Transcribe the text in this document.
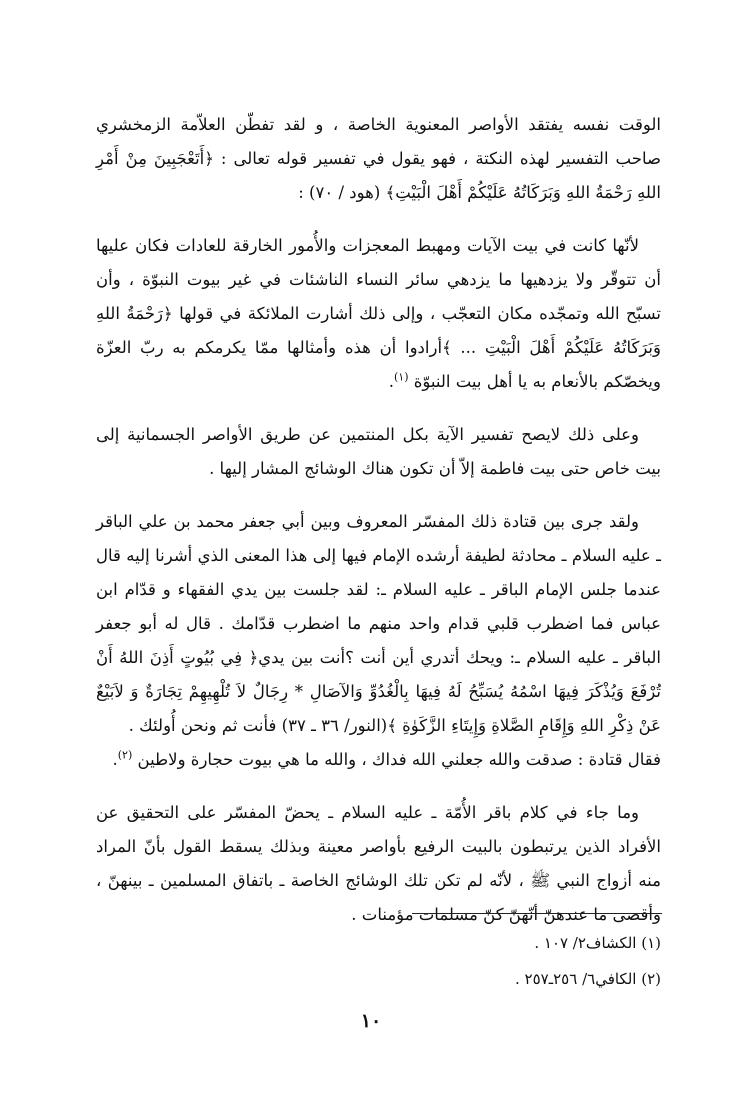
الوقت نفسه يفتقد الأواصر المعنوية الخاصة ، و لقد تفطّن العلاّمة الزمخشري صاحب التفسير لهذه النكتة ، فهو يقول في تفسير قوله تعالى : ﴿أَتَعْجَبِينَ مِنْ أَمْرِ اللهِ رَحْمَةُ اللهِ وَبَرَكَاتُهُ عَلَيْكُمْ أَهْلَ الْبَيْتِ﴾ (هود / ٧٠) :

لأنّها كانت في بيت الآيات ومهبط المعجزات والأُمور الخارقة للعادات فكان عليها أن تتوقّر ولا يزدهيها ما يزدهي سائر النساء الناشئات في غير بيوت النبوّة ، وأن تسبّح الله وتمجّده مكان التعجّب ، وإلى ذلك أشارت الملائكة في قولها ﴿رَحْمَةُ اللهِ وَبَرَكَاتُهُ عَلَيْكُمْ أَهْلَ الْبَيْتِ ... ﴾أرادوا أن هذه وأمثالها ممّا يكرمكم به ربّ العزّة ويخصّكم بالأنعام به يا أهل بيت النبوّة $^{(١)}$.

وعلى ذلك لايصح تفسير الآية بكل المنتمين عن طريق الأواصر الجسمانية إلى بيت خاص حتى بيت فاطمة إلاّ أن تكون هناك الوشائج المشار إليها .

ولقد جرى بين قتادة ذلك المفسّر المعروف وبين أبي جعفر محمد بن علي الباقر ـ عليه السلام ـ محادثة لطيفة أرشده الإمام فيها إلى هذا المعنى الذي أشرنا إليه قال عندما جلس الإمام الباقر ـ عليه السلام ـ: لقد جلست بين يدي الفقهاء و قدّام ابن عباس فما اضطرب قلبي قدام واحد منهم ما اضطرب قدّامك . قال له أبو جعفر الباقر ـ عليه السلام ـ: ويحك أتدري أين أنت ؟أنت بين يدي﴿ فِي بُيُوتٍ أَذِنَ اللهُ أَنْ تُرْفَعَ وَيُذْكَرَ فِيهَا اسْمُهُ يُسَبِّحُ لَهُ فِيهَا بِالْغُدُوِّ وَالآصَالِ * رِجَالٌ لاَ تُلْهِيهِمْ تِجَارَةٌ وَ لاَبَيْعٌ عَنْ ذِكْرِ اللهِ وَإِقَامِ الصَّلاةِ وَإِيتَاءِ الزَّكَوٰةِ ﴾(النور/ ٣٦ ـ ٣٧) فأنت ثم ونحن أُولئك .
فقال قتادة : صدقت والله جعلني الله فداك ، والله ما هي بيوت حجارة ولاطين $^{(٢)}$.

وما جاء في كلام باقر الأُمّة ـ عليه السلام ـ يحضّ المفسّر على التحقيق عن الأفراد الذين يرتبطون بالبيت الرفيع بأواصر معينة وبذلك يسقط القول بأنّ المراد منه أزواج النبي ﷺ ، لأنّه لم تكن تلك الوشائج الخاصة ـ باتفاق المسلمين ـ بينهنّ ، وأقصى ما عندهنّ أنّهنّ كنّ مسلمات مؤمنات .

(١) الكشاف٢/ ١٠٧ .

(٢) الكافي٦/ ٢٥٦ـ٢٥٧ .

١٠
